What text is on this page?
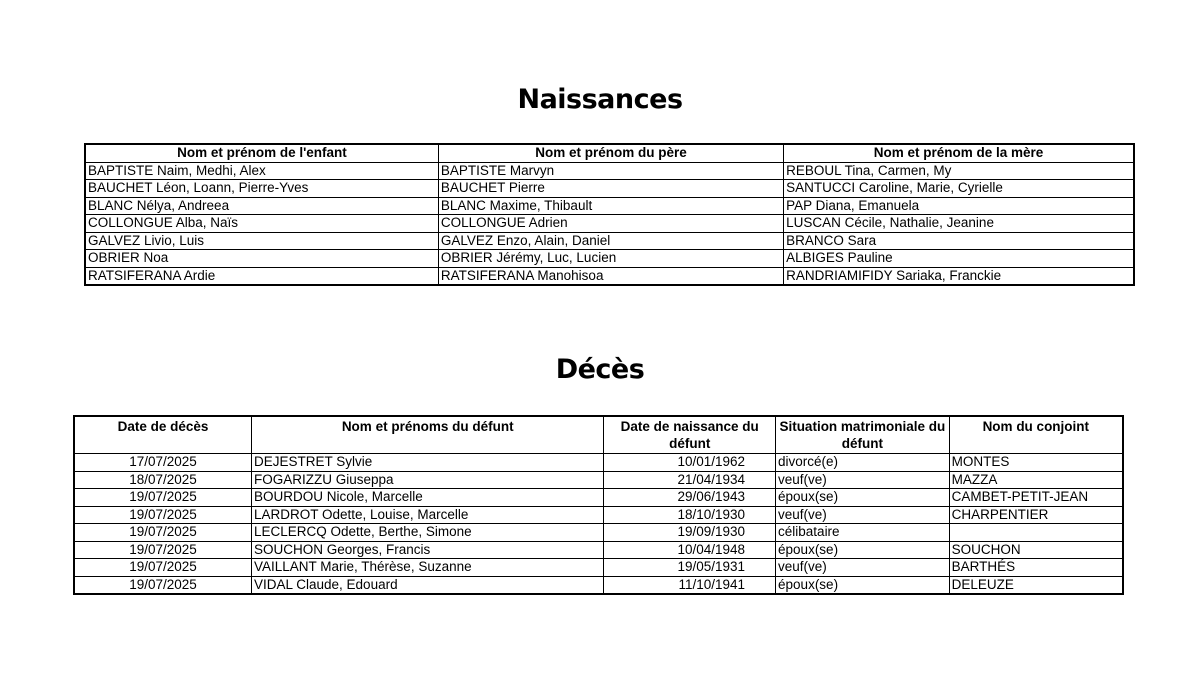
Naissances
Nom et prénom de l'enfant	Nom et prénom du père	Nom et prénom de la mère
BAPTISTE Naim, Medhi, Alex	BAPTISTE Marvyn	REBOUL Tina, Carmen, My
BAUCHET Léon, Loann, Pierre-Yves	BAUCHET Pierre	SANTUCCI Caroline, Marie, Cyrielle
BLANC Nélya, Andreea	BLANC Maxime, Thibault	PAP Diana, Emanuela
COLLONGUE Alba, Naïs	COLLONGUE Adrien	LUSCAN Cécile, Nathalie, Jeanine
GALVEZ Livio, Luis	GALVEZ Enzo, Alain, Daniel	BRANCO Sara
OBRIER Noa	OBRIER Jérémy, Luc, Lucien	ALBIGES Pauline
RATSIFERANA Ardie	RATSIFERANA Manohisoa	RANDRIAMIFIDY Sariaka, Franckie
Décès
Date de décès	Nom et prénoms du défunt	Date de naissance du défunt	Situation matrimoniale du défunt	Nom du conjoint
17/07/2025	DEJESTRET Sylvie	10/01/1962	divorcé(e)	MONTES
18/07/2025	FOGARIZZU Giuseppa	21/04/1934	veuf(ve)	MAZZA
19/07/2025	BOURDOU Nicole, Marcelle	29/06/1943	époux(se)	CAMBET-PETIT-JEAN
19/07/2025	LARDROT Odette, Louise, Marcelle	18/10/1930	veuf(ve)	CHARPENTIER
19/07/2025	LECLERCQ Odette, Berthe, Simone	19/09/1930	célibataire	
19/07/2025	SOUCHON Georges, Francis	10/04/1948	époux(se)	SOUCHON
19/07/2025	VAILLANT Marie, Thérèse, Suzanne	19/05/1931	veuf(ve)	BARTHÉS
19/07/2025	VIDAL Claude, Edouard	11/10/1941	époux(se)	DELEUZE
